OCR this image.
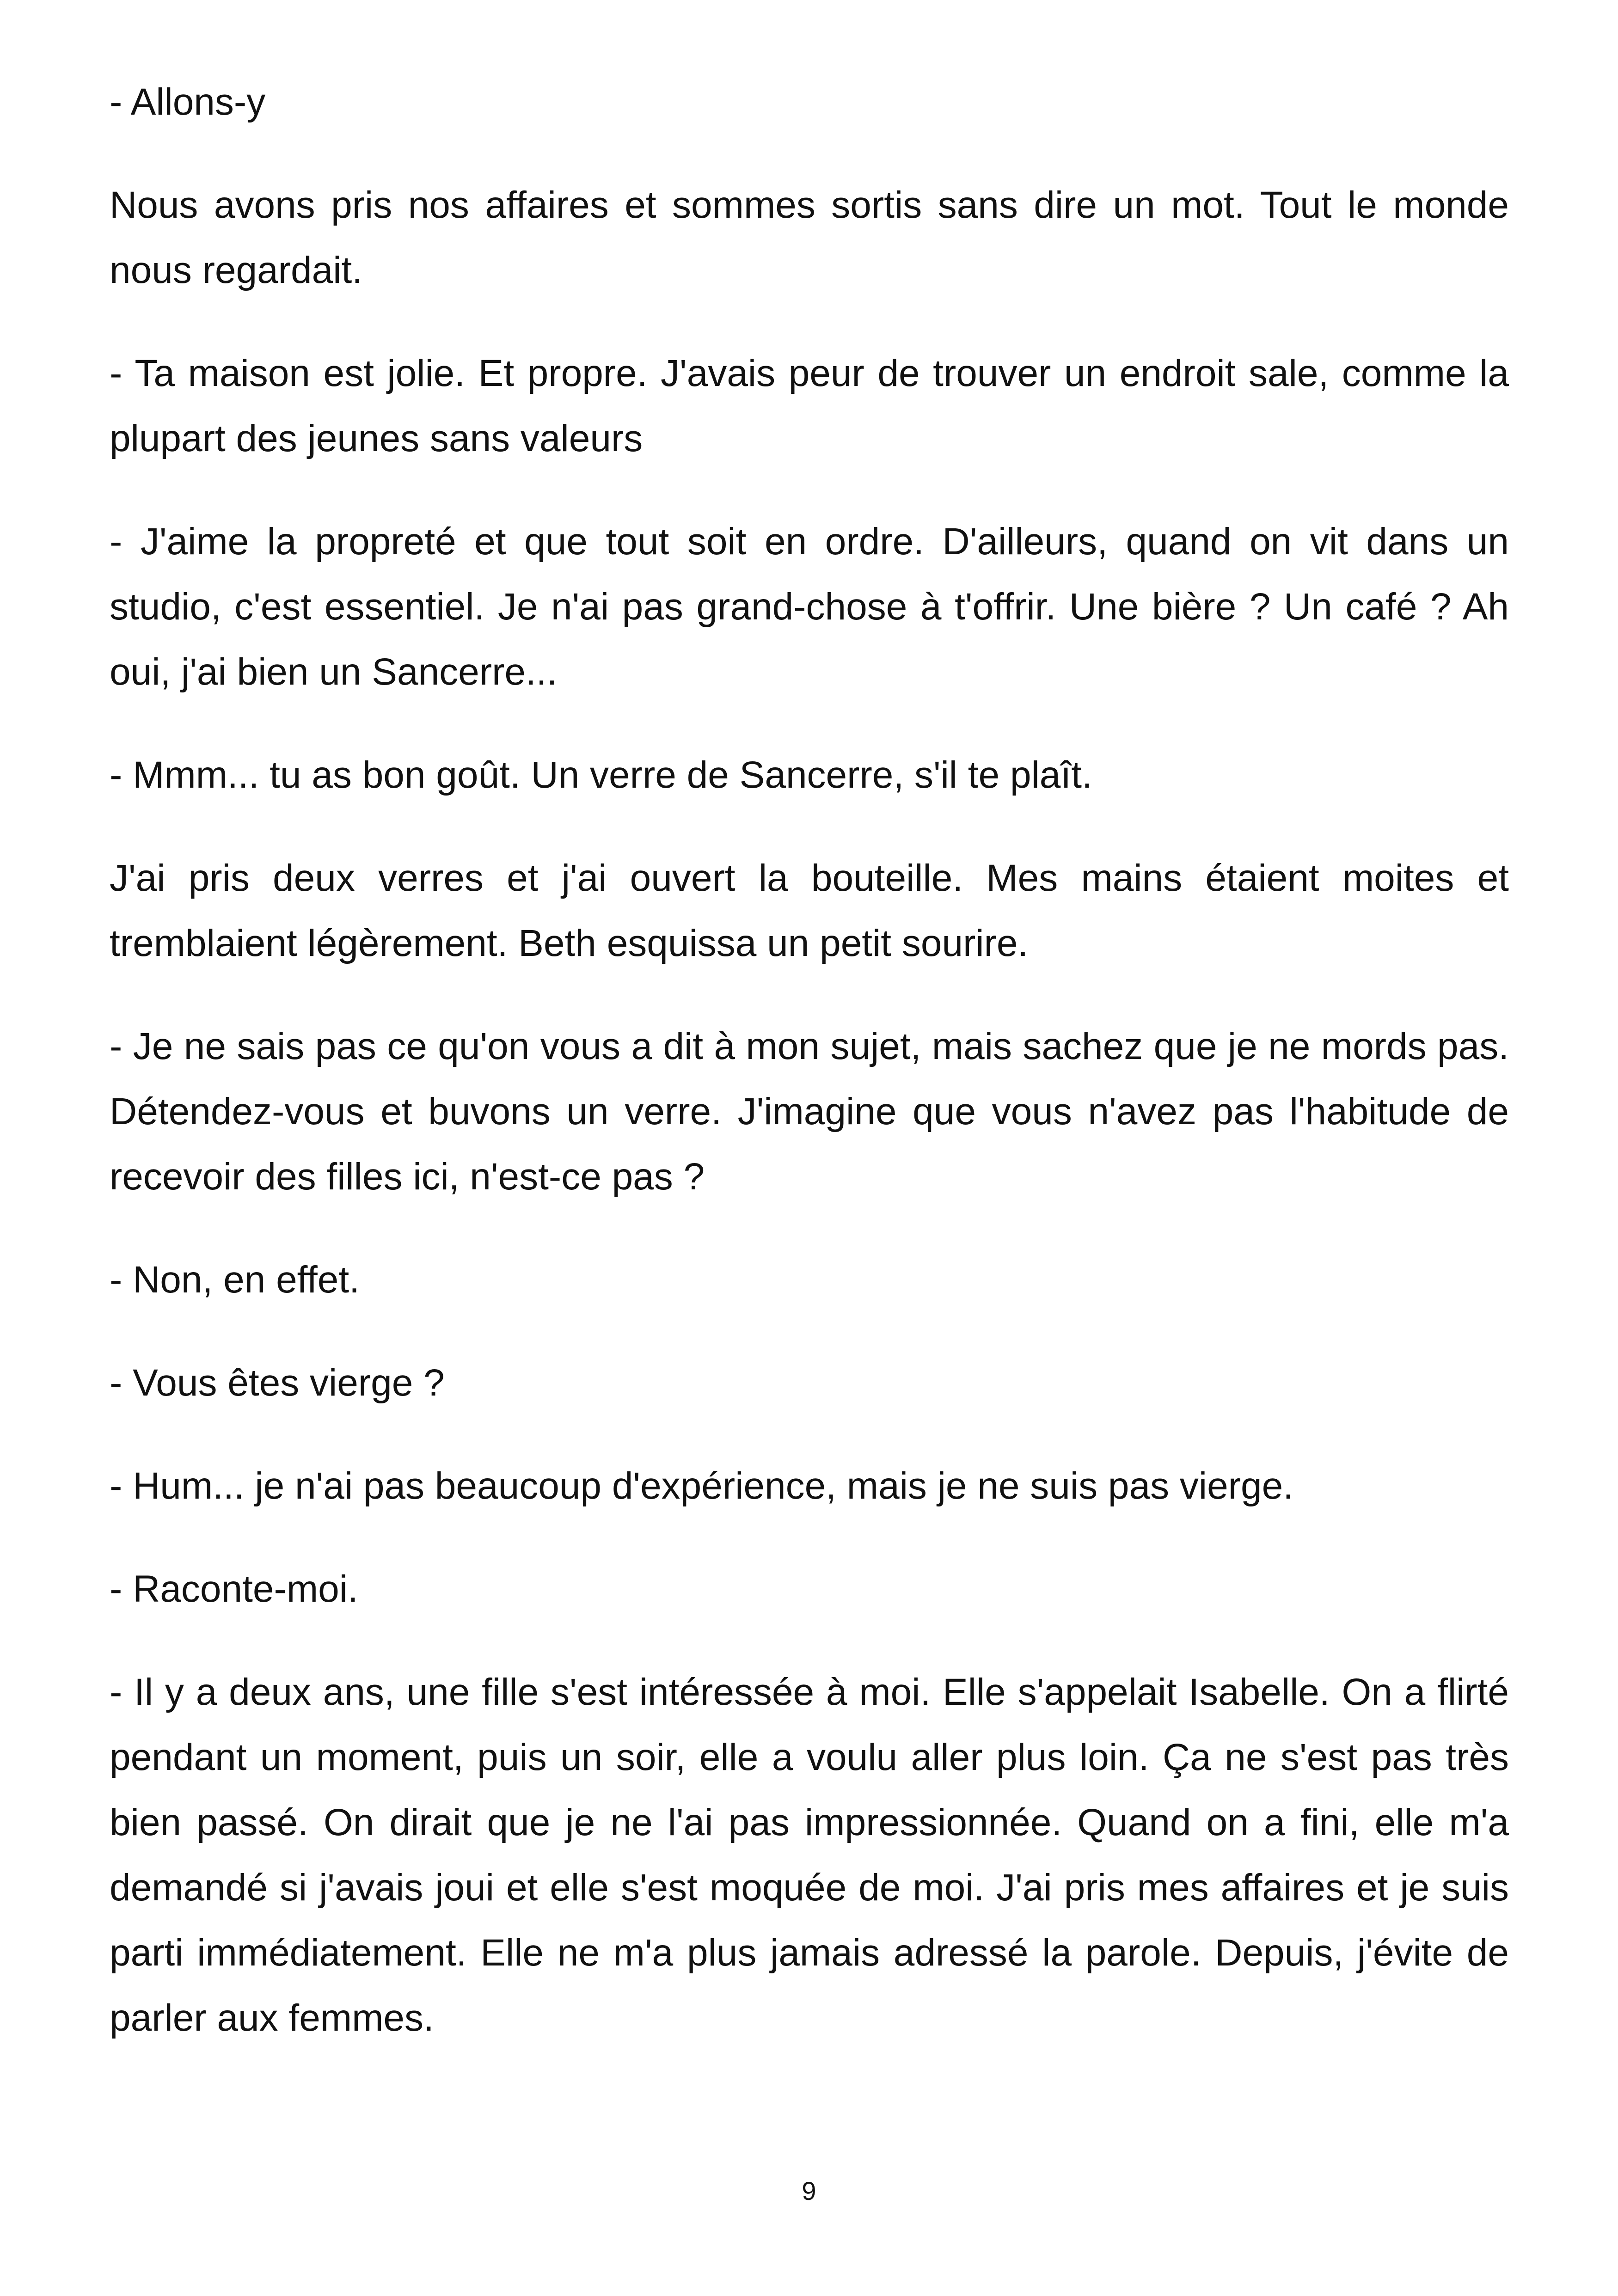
- Allons-y

Nous avons pris nos affaires et sommes sortis sans dire un mot. Tout le monde nous regardait.

- Ta maison est jolie. Et propre. J'avais peur de trouver un endroit sale, comme la plupart des jeunes sans valeurs

- J'aime la propreté et que tout soit en ordre. D'ailleurs, quand on vit dans un studio, c'est essentiel. Je n'ai pas grand-chose à t'offrir. Une bière ? Un café ? Ah oui, j'ai bien un Sancerre...

- Mmm... tu as bon goût. Un verre de Sancerre, s'il te plaît.

J'ai pris deux verres et j'ai ouvert la bouteille. Mes mains étaient moites et tremblaient légèrement. Beth esquissa un petit sourire.

- Je ne sais pas ce qu'on vous a dit à mon sujet, mais sachez que je ne mords pas. Détendez-vous et buvons un verre. J'imagine que vous n'avez pas l'habitude de recevoir des filles ici, n'est-ce pas ?

- Non, en effet.

- Vous êtes vierge ?

- Hum... je n'ai pas beaucoup d'expérience, mais je ne suis pas vierge.

- Raconte-moi.

- Il y a deux ans, une fille s'est intéressée à moi. Elle s'appelait Isabelle. On a flirté pendant un moment, puis un soir, elle a voulu aller plus loin. Ça ne s'est pas très bien passé. On dirait que je ne l'ai pas impressionnée. Quand on a fini, elle m'a demandé si j'avais joui et elle s'est moquée de moi. J'ai pris mes affaires et je suis parti immédiatement. Elle ne m'a plus jamais adressé la parole. Depuis, j'évite de parler aux femmes.

9
